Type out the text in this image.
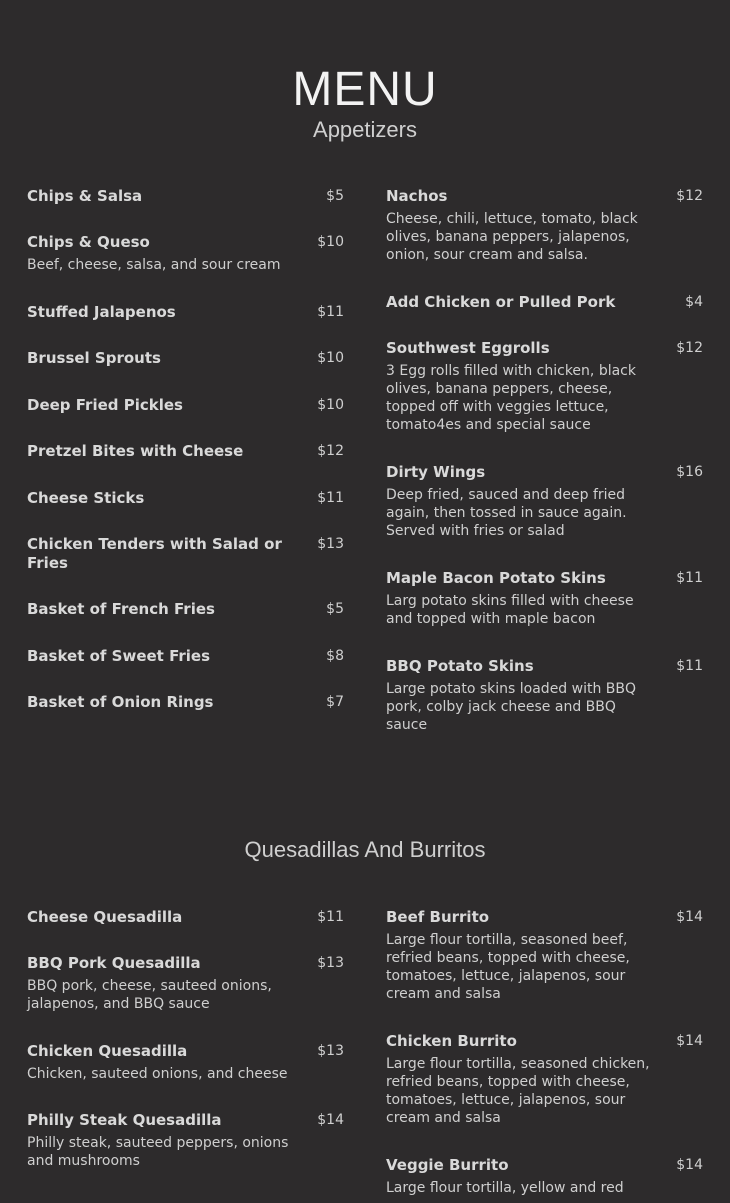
MENU
Appetizers
Quesadillas And Burritos
Chips & Salsa	$5
Chips & Queso	$10
Beef, cheese, salsa, and sour cream
Stuffed Jalapenos	$11
Brussel Sprouts	$10
Deep Fried Pickles	$10
Pretzel Bites with Cheese	$12
Cheese Sticks	$11
Chicken Tenders with Salad or Fries
$13
Basket of French Fries	$5
Basket of Sweet Fries	$8
Basket of Onion Rings	$7
Nachos	$12
Cheese, chili, lettuce, tomato, black olives, banana peppers, jalapenos, onion, sour cream and salsa.
Add Chicken or Pulled Pork	$4
Southwest Eggrolls	$12
3 Egg rolls filled with chicken, black olives, banana peppers, cheese, topped off with veggies lettuce, tomato4es and special sauce
Dirty Wings	$16
Deep fried, sauced and deep fried again, then tossed in sauce again. Served with fries or salad
Maple Bacon Potato Skins	$11
Larg potato skins filled with cheese and topped with maple bacon
BBQ Potato Skins	$11
Large potato skins loaded with BBQ pork, colby jack cheese and BBQ sauce
Cheese Quesadilla	$11
BBQ Pork Quesadilla	$13
BBQ pork, cheese, sauteed onions, jalapenos, and BBQ sauce
Chicken Quesadilla	$13
Chicken, sauteed onions, and cheese
Philly Steak Quesadilla	$14
Philly steak, sauteed peppers, onions and mushrooms
Beef Burrito	$14
Large flour tortilla, seasoned beef, refried beans, topped with cheese, tomatoes, lettuce, jalapenos, sour cream and salsa
Chicken Burrito	$14
Large flour tortilla, seasoned chicken, refried beans, topped with cheese, tomatoes, lettuce, jalapenos, sour cream and salsa
Veggie Burrito	$14
Large flour tortilla, yellow and red
